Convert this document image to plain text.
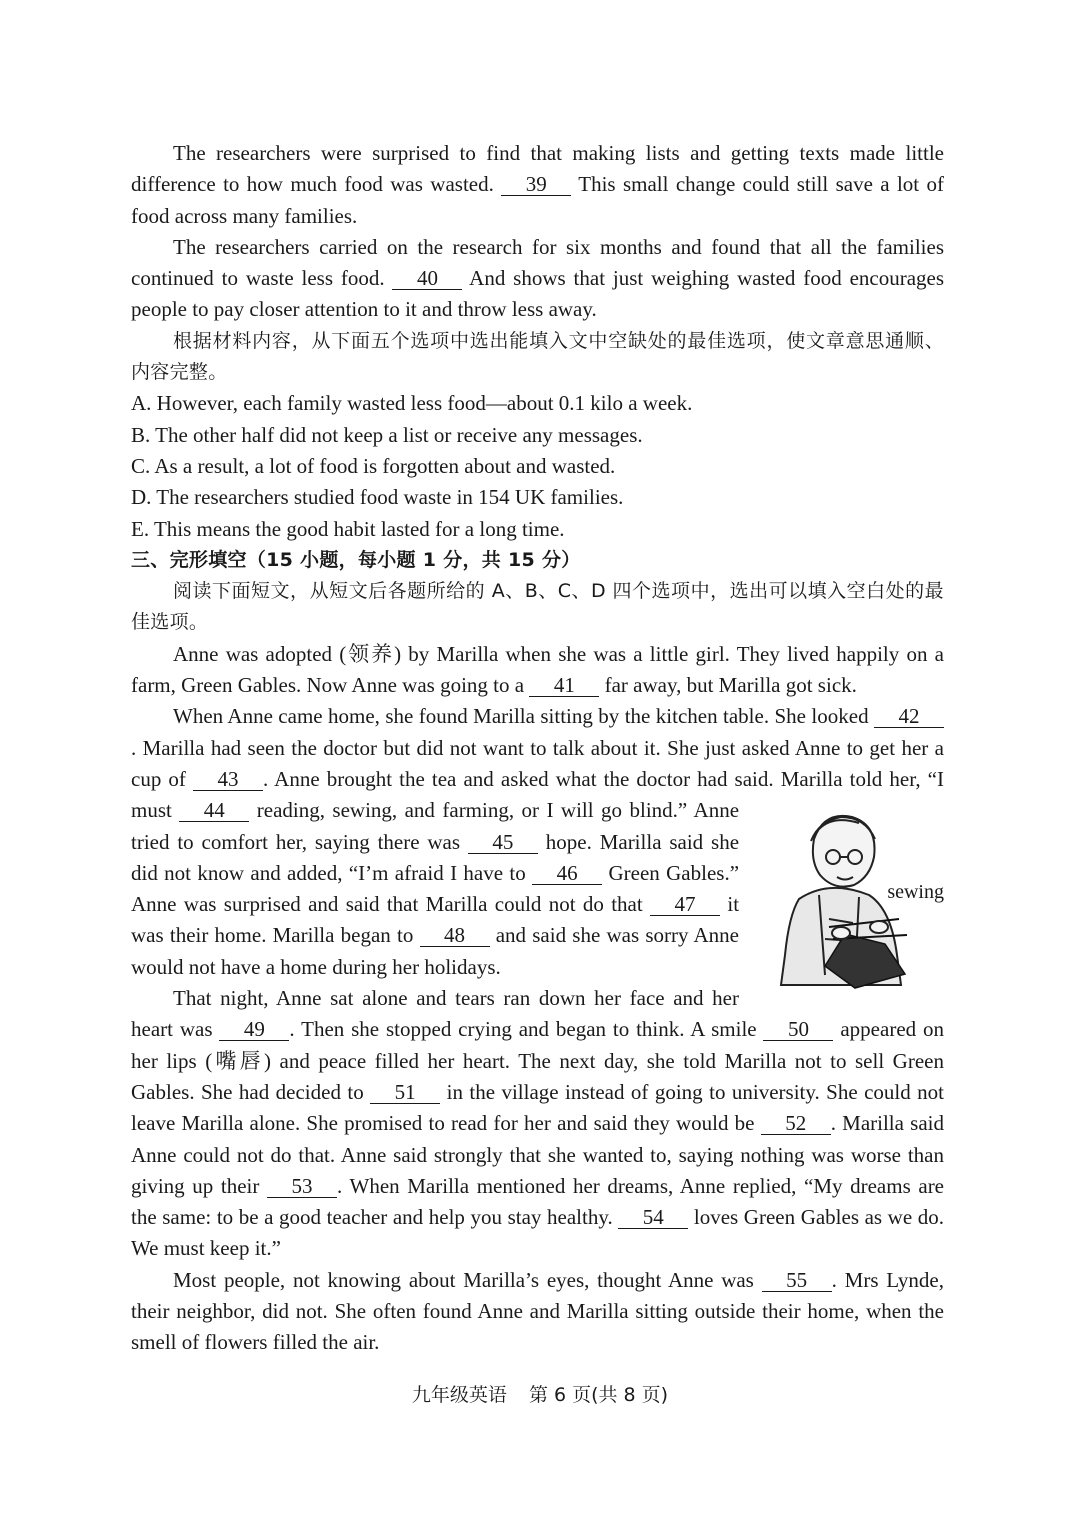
The researchers were surprised to find that making lists and getting texts made little difference to how much food was wasted. 39 This small change could still save a lot of food across many families.

The researchers carried on the research for six months and found that all the families continued to waste less food. 40 And shows that just weighing wasted food encourages people to pay closer attention to it and throw less away.

根据材料内容，从下面五个选项中选出能填入文中空缺处的最佳选项，使文章意思通顺、内容完整。

A. However, each family wasted less food—about 0.1 kilo a week.

B. The other half did not keep a list or receive any messages.

C. As a result, a lot of food is forgotten about and wasted.

D. The researchers studied food waste in 154 UK families.

E. This means the good habit lasted for a long time.

三、完形填空（15 小题，每小题 1 分，共 15 分）

阅读下面短文，从短文后各题所给的 A、B、C、D 四个选项中，选出可以填入空白处的最佳选项。

Anne was adopted (领养) by Marilla when she was a little girl. They lived happily on a farm, Green Gables. Now Anne was going to a 41 far away, but Marilla got sick.

When Anne came home, she found Marilla sitting by the kitchen table. She looked 42. Marilla had seen the doctor but did not want to talk about it. She just asked Anne to get her a cup of 43 . Anne brought the tea and asked what the doctor had said. Marilla told her, “I must
sewing
44 reading, sewing, and farming, or I will go blind.” Anne tried to comfort her, saying there was 45 hope. Marilla said she did not know and added, “I’m afraid I have to 46 Green Gables.” Anne was surprised and said that Marilla could not do that 47 it was their home. Marilla began to 48 and said she was sorry Anne would not have a home during her holidays.

That night, Anne sat alone and tears ran down her face and her heart was 49 . Then she stopped crying and began to think. A smile 50 appeared on her lips (嘴唇) and peace filled her heart. The next day, she told Marilla not to sell Green Gables. She had decided to 51 in the village instead of going to university. She could not leave Marilla alone. She promised to read for her and said they would be 52 . Marilla said Anne could not do that. Anne said strongly that she wanted to, saying nothing was worse than giving up their 53 . When Marilla mentioned her dreams, Anne replied, “My dreams are the same: to be a good teacher and help you stay healthy. 54 loves Green Gables as we do. We must keep it.”

Most people, not knowing about Marilla’s eyes, thought Anne was 55 . Mrs Lynde, their neighbor, did not. She often found Anne and Marilla sitting outside their home, when the smell of flowers filled the air.

九年级英语 第 6 页(共 8 页)
